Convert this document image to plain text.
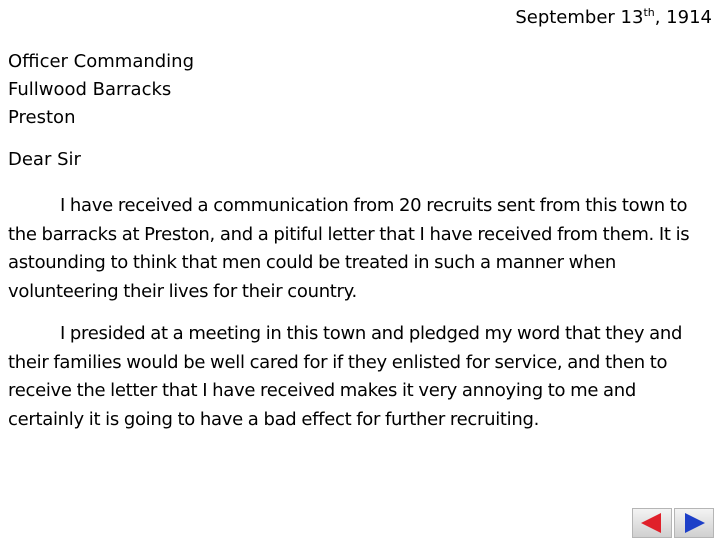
September 13th, 1914
Officer Commanding
Fullwood Barracks
Preston
Dear Sir

I have received a communication from 20 recruits sent from this town to the barracks at Preston, and a pitiful letter that I have received from them. It is astounding to think that men could be treated in such a manner when volunteering their lives for their country.

I presided at a meeting in this town and pledged my word that they and their families would be well cared for if they enlisted for service, and then to receive the letter that I have received makes it very annoying to me and certainly it is going to have a bad effect for further recruiting.
